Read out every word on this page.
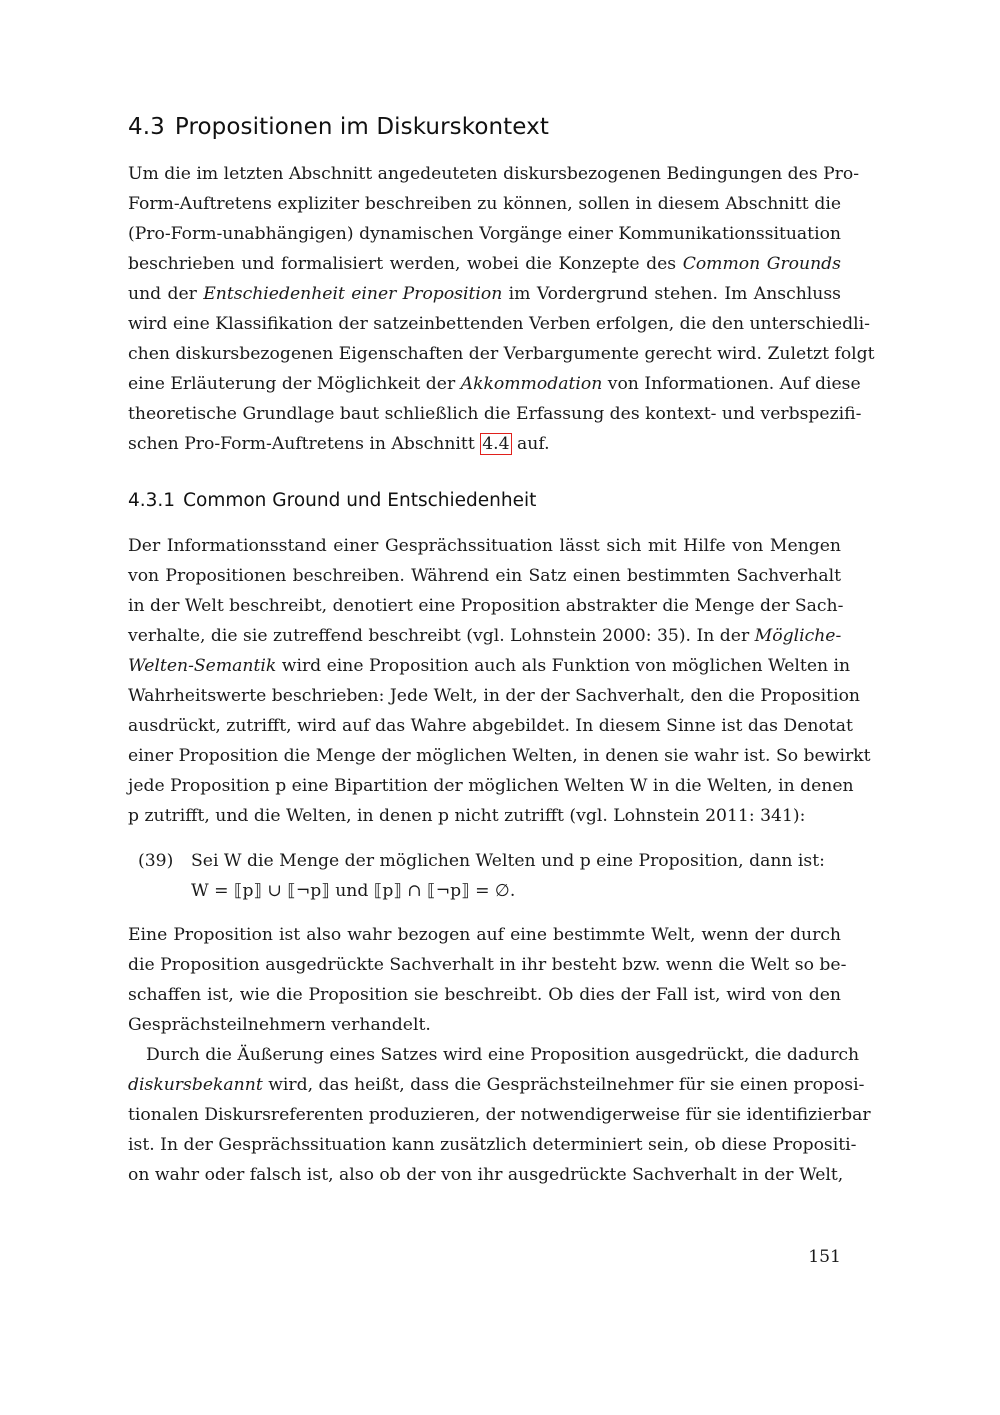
4.3 Propositionen im Diskurskontext

Um die im letzten Abschnitt angedeuteten diskursbezogenen Bedingungen des Pro-
Form-Auftretens expliziter beschreiben zu können, sollen in diesem Abschnitt die
(Pro-Form-unabhängigen) dynamischen Vorgänge einer Kommunikationssituation
beschrieben und formalisiert werden, wobei die Konzepte des Common Grounds
und der Entschiedenheit einer Proposition im Vordergrund stehen. Im Anschluss
wird eine Klassifikation der satzeinbettenden Verben erfolgen, die den unterschiedli-
chen diskursbezogenen Eigenschaften der Verbargumente gerecht wird. Zuletzt folgt
eine Erläuterung der Möglichkeit der Akkommodation von Informationen. Auf diese
theoretische Grundlage baut schließlich die Erfassung des kontext- und verbspezifi-
schen Pro-Form-Auftretens in Abschnitt 4.4 auf.

4.3.1 Common Ground und Entschiedenheit

Der Informationsstand einer Gesprächssituation lässt sich mit Hilfe von Mengen
von Propositionen beschreiben. Während ein Satz einen bestimmten Sachverhalt
in der Welt beschreibt, denotiert eine Proposition abstrakter die Menge der Sach-
verhalte, die sie zutreffend beschreibt (vgl. Lohnstein 2000: 35). In der Mögliche-
Welten-Semantik wird eine Proposition auch als Funktion von möglichen Welten in
Wahrheitswerte beschrieben: Jede Welt, in der der Sachverhalt, den die Proposition
ausdrückt, zutrifft, wird auf das Wahre abgebildet. In diesem Sinne ist das Denotat
einer Proposition die Menge der möglichen Welten, in denen sie wahr ist. So bewirkt
jede Proposition p eine Bipartition der möglichen Welten W in die Welten, in denen
p zutrifft, und die Welten, in denen p nicht zutrifft (vgl. Lohnstein 2011: 341):

(39) Sei W die Menge der möglichen Welten und p eine Proposition, dann ist:
W = ⟦p⟧ ∪ ⟦¬p⟧ und ⟦p⟧ ∩ ⟦¬p⟧ = ∅.

Eine Proposition ist also wahr bezogen auf eine bestimmte Welt, wenn der durch
die Proposition ausgedrückte Sachverhalt in ihr besteht bzw. wenn die Welt so be-
schaffen ist, wie die Proposition sie beschreibt. Ob dies der Fall ist, wird von den
Gesprächsteilnehmern verhandelt.

Durch die Äußerung eines Satzes wird eine Proposition ausgedrückt, die dadurch
diskursbekannt wird, das heißt, dass die Gesprächsteilnehmer für sie einen proposi-
tionalen Diskursreferenten produzieren, der notwendigerweise für sie identifizierbar
ist. In der Gesprächssituation kann zusätzlich determiniert sein, ob diese Propositi-
on wahr oder falsch ist, also ob der von ihr ausgedrückte Sachverhalt in der Welt,

151
